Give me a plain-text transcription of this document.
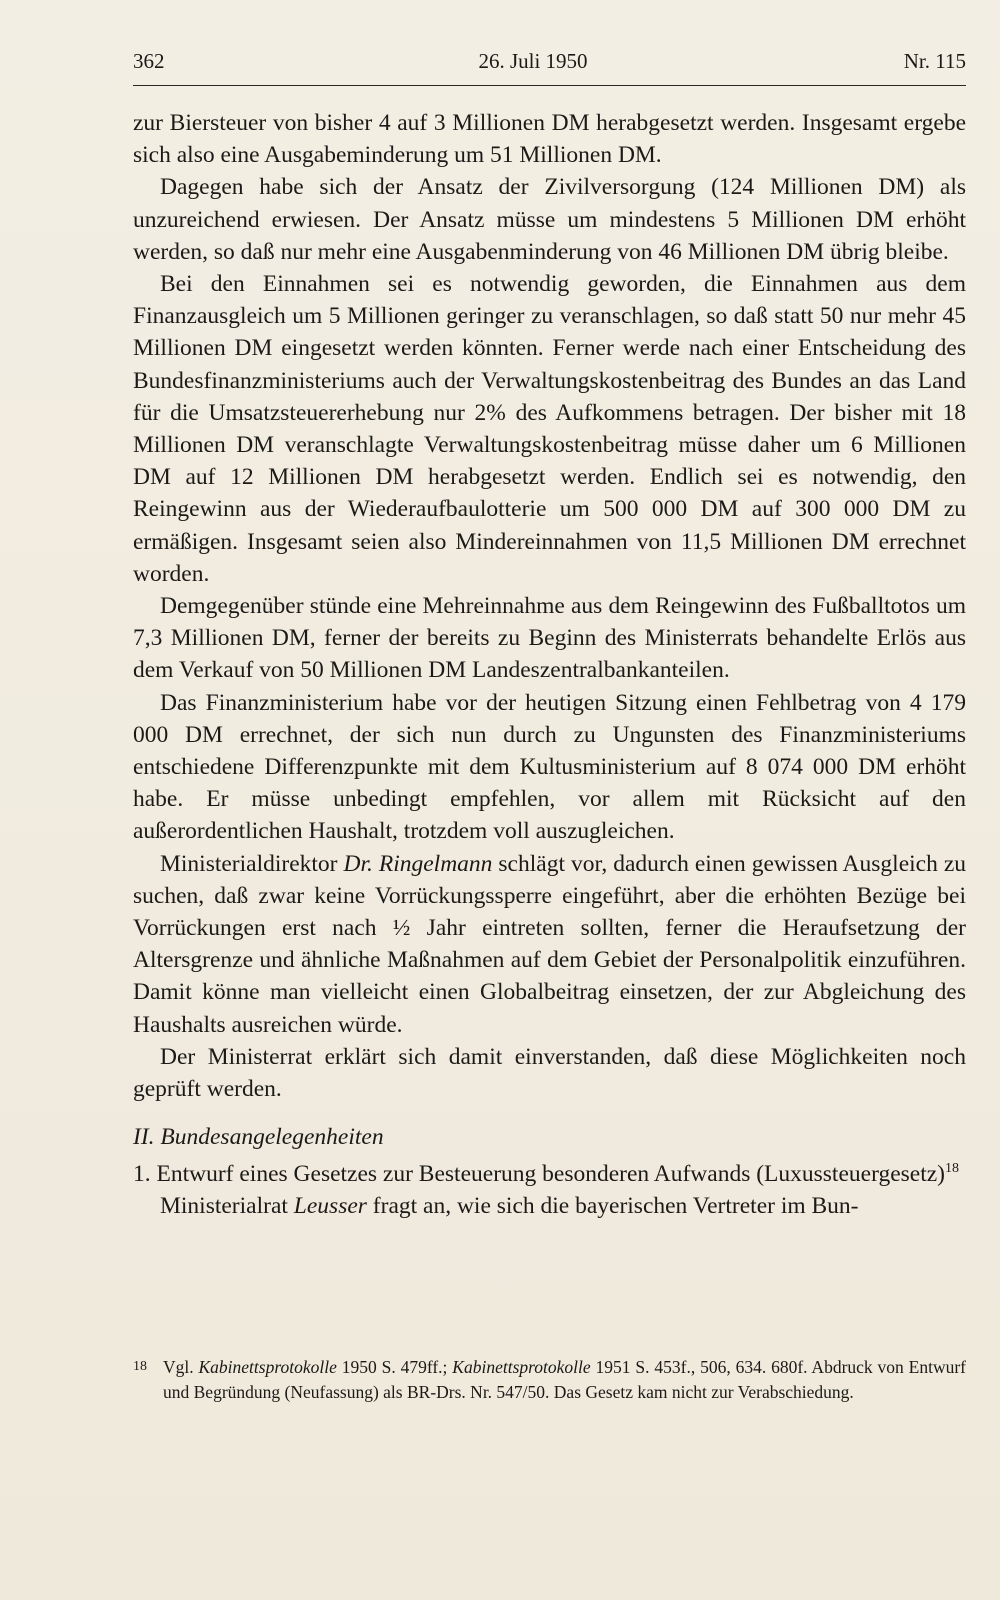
362	26. Juli 1950	Nr. 115

zur Biersteuer von bisher 4 auf 3 Millionen DM herabgesetzt werden. Insgesamt ergebe sich also eine Ausgabeminderung um 51 Millionen DM.

Dagegen habe sich der Ansatz der Zivilversorgung (124 Millionen DM) als unzureichend erwiesen. Der Ansatz müsse um mindestens 5 Millionen DM erhöht werden, so daß nur mehr eine Ausgabenminderung von 46 Millionen DM übrig bleibe.

Bei den Einnahmen sei es notwendig geworden, die Einnahmen aus dem Finanzausgleich um 5 Millionen geringer zu veranschlagen, so daß statt 50 nur mehr 45 Millionen DM eingesetzt werden könnten. Ferner werde nach einer Entscheidung des Bundesfinanzministeriums auch der Verwaltungskostenbeitrag des Bundes an das Land für die Umsatzsteuererhebung nur 2% des Aufkommens betragen. Der bisher mit 18 Millionen DM veranschlagte Verwaltungskostenbeitrag müsse daher um 6 Millionen DM auf 12 Millionen DM herabgesetzt werden. Endlich sei es notwendig, den Reingewinn aus der Wiederaufbaulotterie um 500 000 DM auf 300 000 DM zu ermäßigen. Insgesamt seien also Mindereinnahmen von 11,5 Millionen DM errechnet worden.

Demgegenüber stünde eine Mehreinnahme aus dem Reingewinn des Fußballtotos um 7,3 Millionen DM, ferner der bereits zu Beginn des Ministerrats behandelte Erlös aus dem Verkauf von 50 Millionen DM Landeszentralbankanteilen.

Das Finanzministerium habe vor der heutigen Sitzung einen Fehlbetrag von 4 179 000 DM errechnet, der sich nun durch zu Ungunsten des Finanzministeriums entschiedene Differenzpunkte mit dem Kultusministerium auf 8 074 000 DM erhöht habe. Er müsse unbedingt empfehlen, vor allem mit Rücksicht auf den außerordentlichen Haushalt, trotzdem voll auszugleichen.

Ministerialdirektor Dr. Ringelmann schlägt vor, dadurch einen gewissen Ausgleich zu suchen, daß zwar keine Vorrückungssperre eingeführt, aber die erhöhten Bezüge bei Vorrückungen erst nach ½ Jahr eintreten sollten, ferner die Heraufsetzung der Altersgrenze und ähnliche Maßnahmen auf dem Gebiet der Personalpolitik einzuführen. Damit könne man vielleicht einen Globalbeitrag einsetzen, der zur Abgleichung des Haushalts ausreichen würde.

Der Ministerrat erklärt sich damit einverstanden, daß diese Möglichkeiten noch geprüft werden.

II. Bundesangelegenheiten

1. Entwurf eines Gesetzes zur Besteuerung besonderen Aufwands (Luxussteuergesetz)$^{18}$

Ministerialrat Leusser fragt an, wie sich die bayerischen Vertreter im Bun-

18 Vgl. Kabinettsprotokolle 1950 S. 479ff.; Kabinettsprotokolle 1951 S. 453f., 506, 634. 680f. Abdruck von Entwurf und Begründung (Neufassung) als BR-Drs. Nr. 547/50. Das Gesetz kam nicht zur Verabschiedung.
